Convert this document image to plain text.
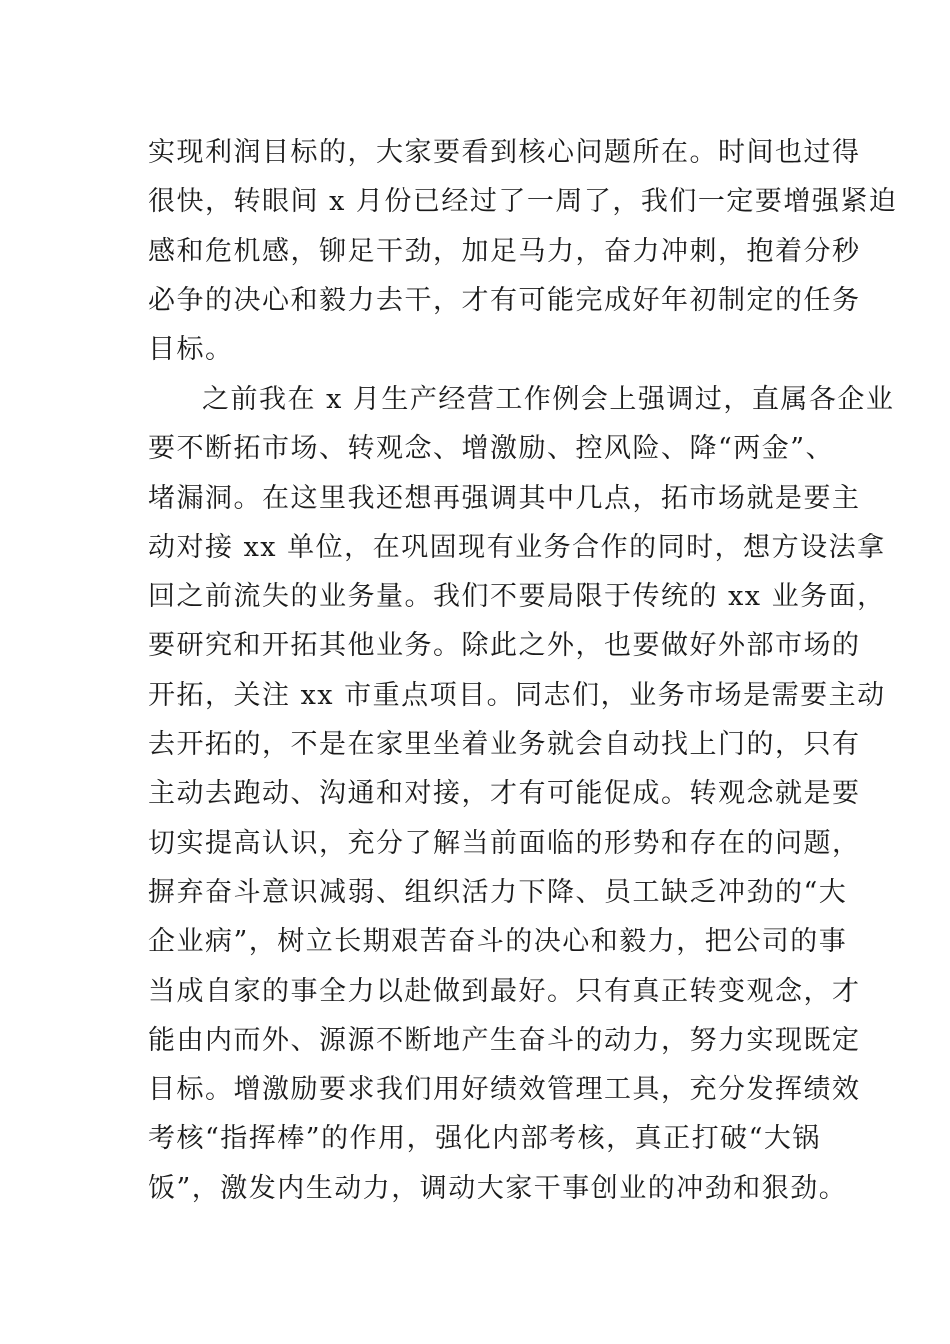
实现利润目标的，大家要看到核心问题所在。时间也过得
很快，转眼间 x 月份已经过了一周了，我们一定要增强紧迫
感和危机感，铆足干劲，加足马力，奋力冲刺，抱着分秒
必争的决心和毅力去干，才有可能完成好年初制定的任务
目标。
之前我在 x 月生产经营工作例会上强调过，直属各企业
要不断拓市场、转观念、增激励、控风险、降“两金”、
堵漏洞。在这里我还想再强调其中几点，拓市场就是要主
动对接 xx 单位，在巩固现有业务合作的同时，想方设法拿
回之前流失的业务量。我们不要局限于传统的 xx 业务面，
要研究和开拓其他业务。除此之外，也要做好外部市场的
开拓，关注 xx 市重点项目。同志们，业务市场是需要主动
去开拓的，不是在家里坐着业务就会自动找上门的，只有
主动去跑动、沟通和对接，才有可能促成。转观念就是要
切实提高认识，充分了解当前面临的形势和存在的问题，
摒弃奋斗意识减弱、组织活力下降、员工缺乏冲劲的“大
企业病”，树立长期艰苦奋斗的决心和毅力，把公司的事
当成自家的事全力以赴做到最好。只有真正转变观念，才
能由内而外、源源不断地产生奋斗的动力，努力实现既定
目标。增激励要求我们用好绩效管理工具，充分发挥绩效
考核“指挥棒”的作用，强化内部考核，真正打破“大锅
饭”，激发内生动力，调动大家干事创业的冲劲和狠劲。
